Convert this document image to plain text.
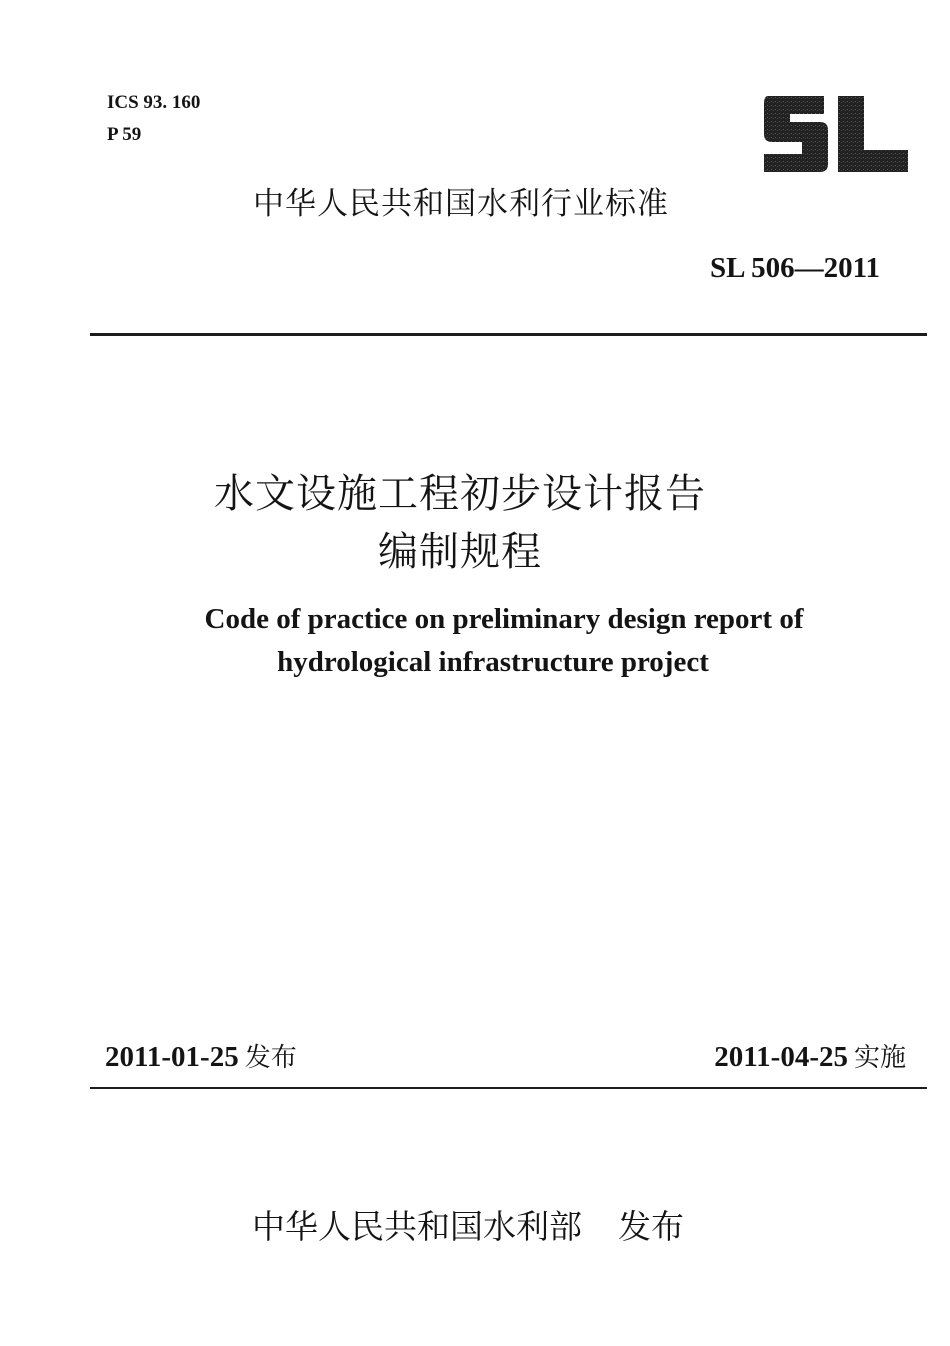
ICS 93. 160
P 59
中华人民共和国水利行业标准
SL 506—2011
水文设施工程初步设计报告
编制规程
Code of practice on preliminary design report of
hydrological infrastructure project
2011-01-25 发布	2011-04-25 实施
中华人民共和国水利部 发布
